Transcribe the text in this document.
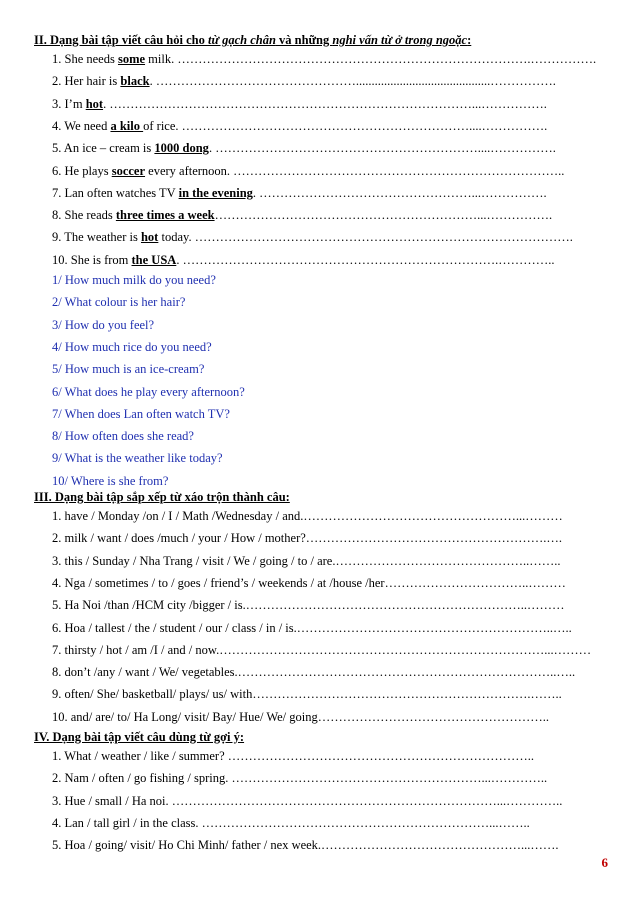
II. Dạng bài tập viết câu hỏi cho từ gạch chân và những nghi vấn từ ở trong ngoặc:
1. She needs some milk. ………………………………………………………………………….…………….
2. Her hair is black. …………………………………………...........................................…………….
3. I’m hot. ……………………………………………………………………………...…………….
4. We need a kilo of rice. ……………………………………………………………....…………….
5. An ice – cream is 1000 dong. ………………………………………………………....…………….
6. He plays soccer every afternoon. ……………………………………………………………………..
7. Lan often watches TV in the evening. ……………………………………………...…………….
8. She reads three times a week………………………………………………………...…………….
9. The weather is hot today. ……………………………………………………………………………….
10. She is from the USA. ………………………………………………………………….…………..
1/ How much milk do you need?
2/ What colour is her hair?
3/ How do you feel?
4/ How much rice do you need?
5/ How much is an ice-cream?
6/ What does he play every afternoon?
7/ When does Lan often watch TV?
8/ How often does she read?
9/ What is the weather like today?
10/ Where is she from?
III. Dạng bài tập sắp xếp từ xáo trộn thành câu:
1. have / Monday /on / I / Math /Wednesday / and.……………………………………………...………
2. milk / want / does /much / your / How / mother?………………………………………………….….
3. this / Sunday / Nha Trang / visit / We / going / to / are.………………………………………..……..
4. Nga / sometimes / to / goes / friend’s / weekends / at /house /her……………………………..………
5. Ha Noi /than /HCM city /bigger / is.…………………………………………………………..………
6. Hoa / tallest / the / student / our / class / in / is.……………………………………………………..…..
7. thirsty / hot / am /I / and / now.……………………………………………………………………...………
8. don’t /any / want / We/ vegetables.…………………………………………………………………..…..
9. often/ She/ basketball/ plays/ us/ with………………………………………………………….……..
10. and/ are/ to/ Ha Long/ visit/ Bay/ Hue/ We/ going………………………………………………..
IV. Dạng bài tập viết câu dùng từ gợi ý:
1. What / weather / like / summer? ………………………………………………………………..
2. Nam / often / go fishing / spring. ……………………………………………………...…………..
3. Hue / small / Ha noi. ……………………………………………………………………...…………..
4. Lan / tall girl / in the class. ……………………………………………………………...……..
5. Hoa / going/ visit/ Ho Chi Minh/ father / nex week.…………………………………………...…….
6
